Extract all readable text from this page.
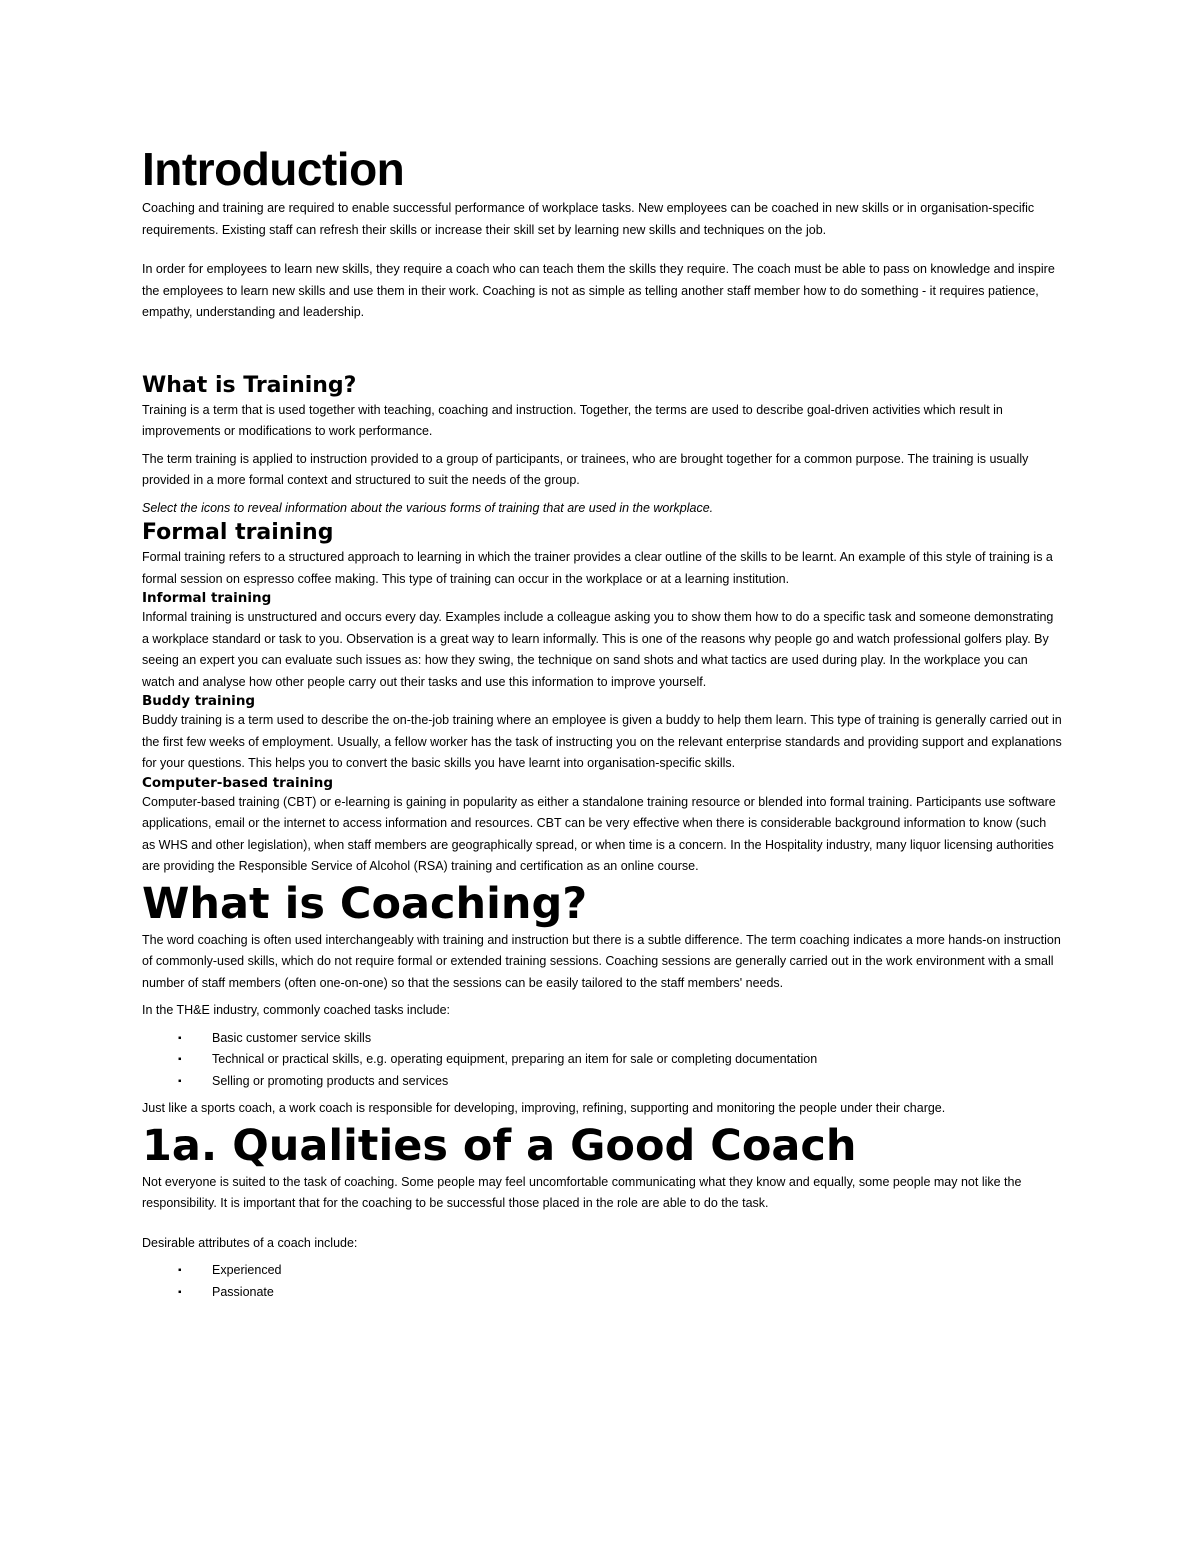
Introduction

Coaching and training are required to enable successful performance of workplace tasks. New employees can be coached in new skills or in organisation-specific requirements. Existing staff can refresh their skills or increase their skill set by learning new skills and techniques on the job.

In order for employees to learn new skills, they require a coach who can teach them the skills they require. The coach must be able to pass on knowledge and inspire the employees to learn new skills and use them in their work. Coaching is not as simple as telling another staff member how to do something - it requires patience, empathy, understanding and leadership.

What is Training?

Training is a term that is used together with teaching, coaching and instruction. Together, the terms are used to describe goal-driven activities which result in improvements or modifications to work performance.

The term training is applied to instruction provided to a group of participants, or trainees, who are brought together for a common purpose. The training is usually provided in a more formal context and structured to suit the needs of the group.

Select the icons to reveal information about the various forms of training that are used in the workplace.

Formal training

Formal training refers to a structured approach to learning in which the trainer provides a clear outline of the skills to be learnt. An example of this style of training is a formal session on espresso coffee making. This type of training can occur in the workplace or at a learning institution.

Informal training

Informal training is unstructured and occurs every day. Examples include a colleague asking you to show them how to do a specific task and someone demonstrating a workplace standard or task to you. Observation is a great way to learn informally. This is one of the reasons why people go and watch professional golfers play. By seeing an expert you can evaluate such issues as: how they swing, the technique on sand shots and what tactics are used during play. In the workplace you can watch and analyse how other people carry out their tasks and use this information to improve yourself.

Buddy training

Buddy training is a term used to describe the on-the-job training where an employee is given a buddy to help them learn. This type of training is generally carried out in the first few weeks of employment. Usually, a fellow worker has the task of instructing you on the relevant enterprise standards and providing support and explanations for your questions. This helps you to convert the basic skills you have learnt into organisation-specific skills.

Computer-based training

Computer-based training (CBT) or e-learning is gaining in popularity as either a standalone training resource or blended into formal training. Participants use software applications, email or the internet to access information and resources. CBT can be very effective when there is considerable background information to know (such as WHS and other legislation), when staff members are geographically spread, or when time is a concern. In the Hospitality industry, many liquor licensing authorities are providing the Responsible Service of Alcohol (RSA) training and certification as an online course.

What is Coaching?

The word coaching is often used interchangeably with training and instruction but there is a subtle difference. The term coaching indicates a more hands-on instruction of commonly-used skills, which do not require formal or extended training sessions. Coaching sessions are generally carried out in the work environment with a small number of staff members (often one-on-one) so that the sessions can be easily tailored to the staff members' needs.

In the TH&E industry, commonly coached tasks include:

▪ Basic customer service skills
▪ Technical or practical skills, e.g. operating equipment, preparing an item for sale or completing documentation
▪ Selling or promoting products and services

Just like a sports coach, a work coach is responsible for developing, improving, refining, supporting and monitoring the people under their charge.

1a. Qualities of a Good Coach

Not everyone is suited to the task of coaching. Some people may feel uncomfortable communicating what they know and equally, some people may not like the responsibility. It is important that for the coaching to be successful those placed in the role are able to do the task.

Desirable attributes of a coach include:

▪ Experienced
▪ Passionate
